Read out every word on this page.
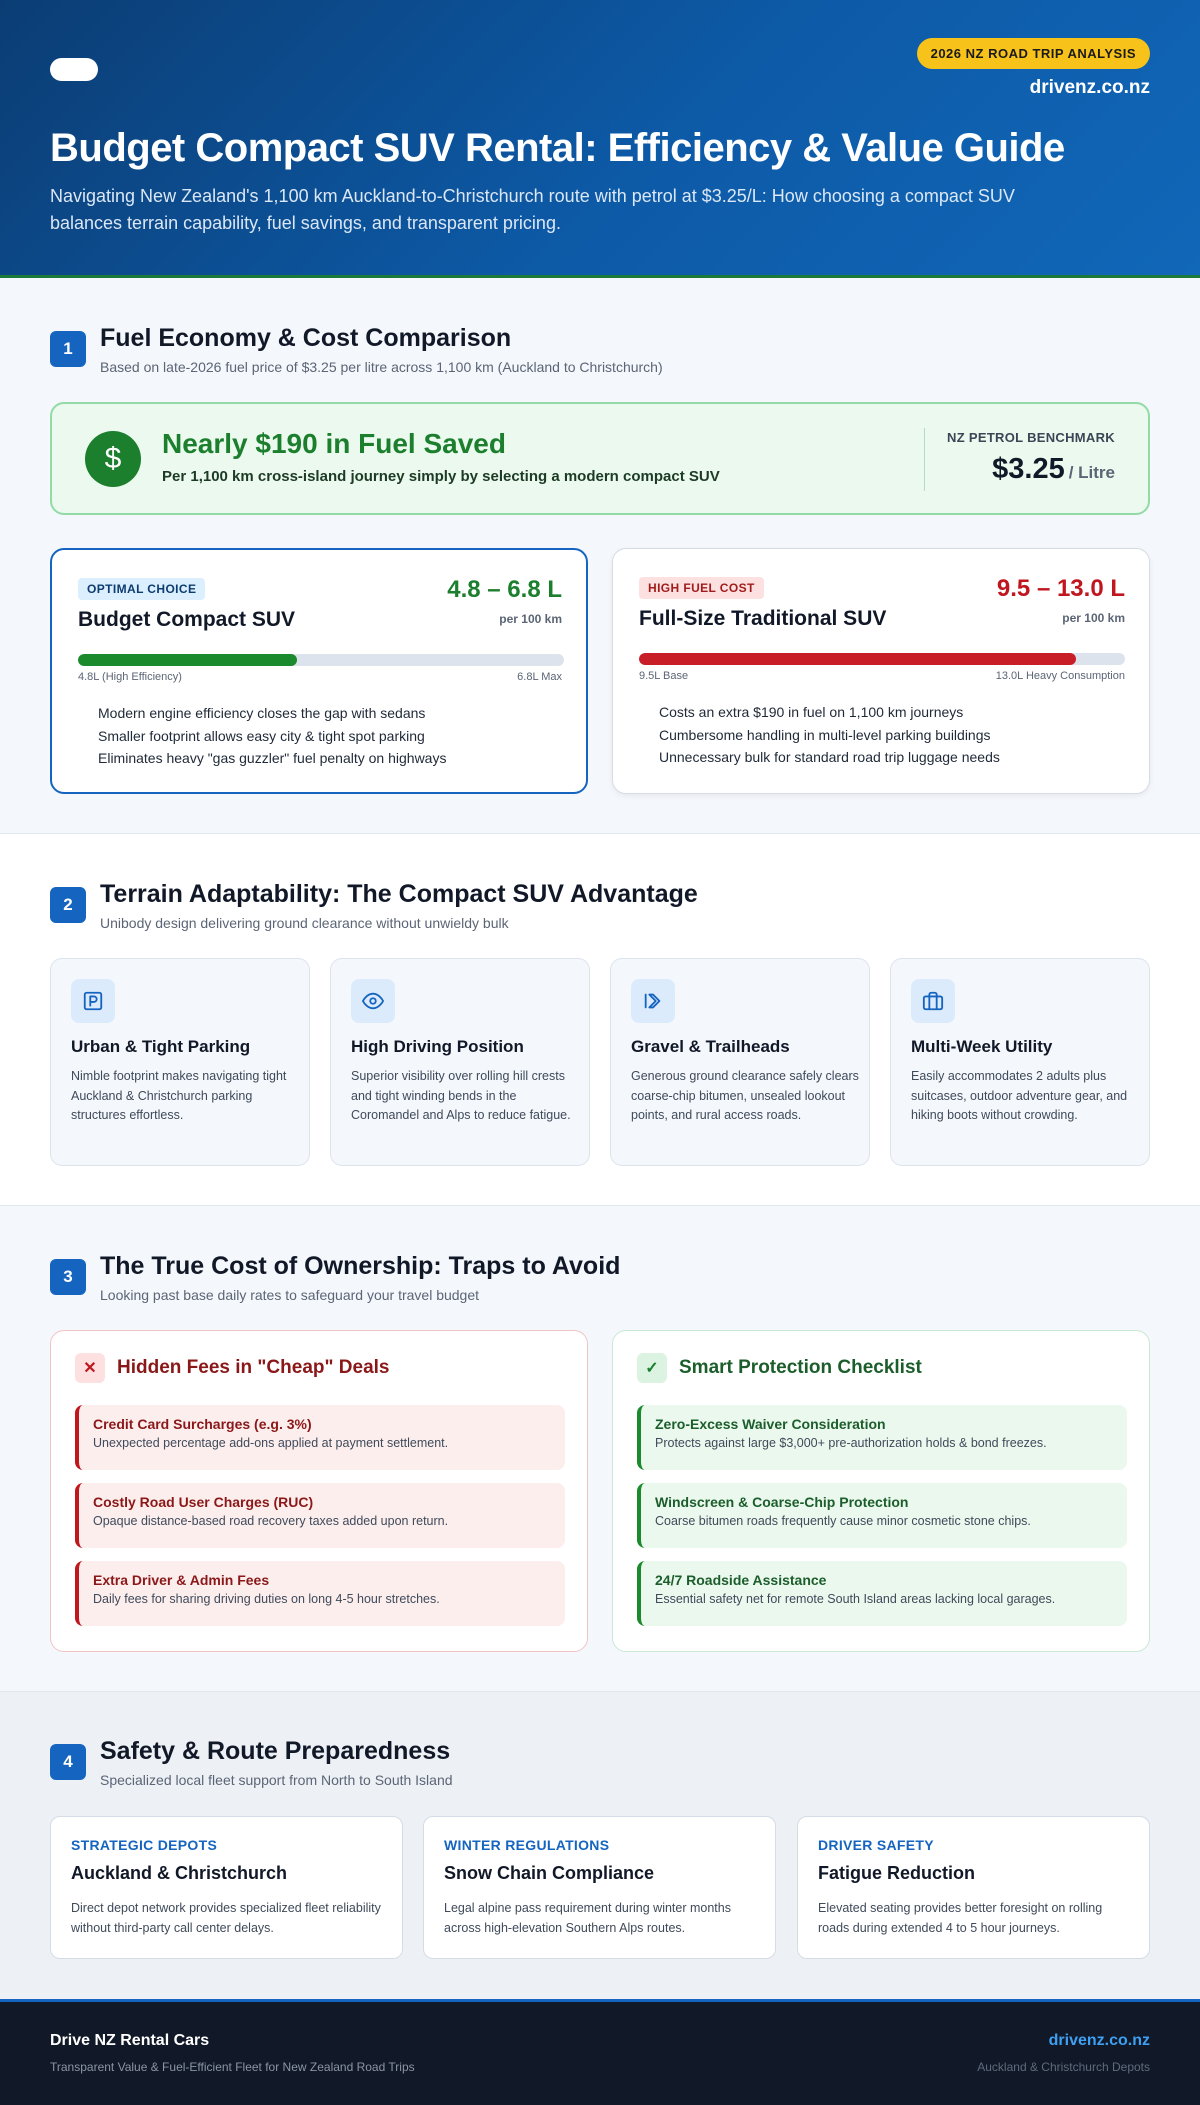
2026 NZ ROAD TRIP ANALYSIS
drivenz.co.nz
Budget Compact SUV Rental: Efficiency & Value Guide
Navigating New Zealand's 1,100 km Auckland-to-Christchurch route with petrol at $3.25/L: How choosing a compact SUV balances terrain capability, fuel savings, and transparent pricing.
1	Fuel Economy & Cost Comparison
Based on late-2026 fuel price of $3.25 per litre across 1,100 km (Auckland to Christchurch)
$	Nearly $190 in Fuel Saved
Per 1,100 km cross-island journey simply by selecting a modern compact SUV
NZ PETROL BENCHMARK
$3.25 / Litre
OPTIMAL CHOICE
Budget Compact SUV
4.8 – 6.8 L
per 100 km
4.8L (High Efficiency)	6.8L Max
Modern engine efficiency closes the gap with sedans
Smaller footprint allows easy city & tight spot parking
Eliminates heavy "gas guzzler" fuel penalty on highways
HIGH FUEL COST
Full-Size Traditional SUV
9.5 – 13.0 L
per 100 km
9.5L Base	13.0L Heavy Consumption
Costs an extra $190 in fuel on 1,100 km journeys
Cumbersome handling in multi-level parking buildings
Unnecessary bulk for standard road trip luggage needs
2	Terrain Adaptability: The Compact SUV Advantage
Unibody design delivering ground clearance without unwieldy bulk
Urban & Tight Parking
Nimble footprint makes navigating tight Auckland & Christchurch parking structures effortless.
High Driving Position
Superior visibility over rolling hill crests and tight winding bends in the Coromandel and Alps to reduce fatigue.
Gravel & Trailheads
Generous ground clearance safely clears coarse-chip bitumen, unsealed lookout points, and rural access roads.
Multi-Week Utility
Easily accommodates 2 adults plus suitcases, outdoor adventure gear, and hiking boots without crowding.
3	The True Cost of Ownership: Traps to Avoid
Looking past base daily rates to safeguard your travel budget
✕	Hidden Fees in "Cheap" Deals
Credit Card Surcharges (e.g. 3%)
Unexpected percentage add-ons applied at payment settlement.
Costly Road User Charges (RUC)
Opaque distance-based road recovery taxes added upon return.
Extra Driver & Admin Fees
Daily fees for sharing driving duties on long 4-5 hour stretches.
✓	Smart Protection Checklist
Zero-Excess Waiver Consideration
Protects against large $3,000+ pre-authorization holds & bond freezes.
Windscreen & Coarse-Chip Protection
Coarse bitumen roads frequently cause minor cosmetic stone chips.
24/7 Roadside Assistance
Essential safety net for remote South Island areas lacking local garages.
4	Safety & Route Preparedness
Specialized local fleet support from North to South Island
STRATEGIC DEPOTS
Auckland & Christchurch
Direct depot network provides specialized fleet reliability without third-party call center delays.
WINTER REGULATIONS
Snow Chain Compliance
Legal alpine pass requirement during winter months across high-elevation Southern Alps routes.
DRIVER SAFETY
Fatigue Reduction
Elevated seating provides better foresight on rolling roads during extended 4 to 5 hour journeys.
Drive NZ Rental Cars
Transparent Value & Fuel-Efficient Fleet for New Zealand Road Trips
drivenz.co.nz
Auckland & Christchurch Depots
